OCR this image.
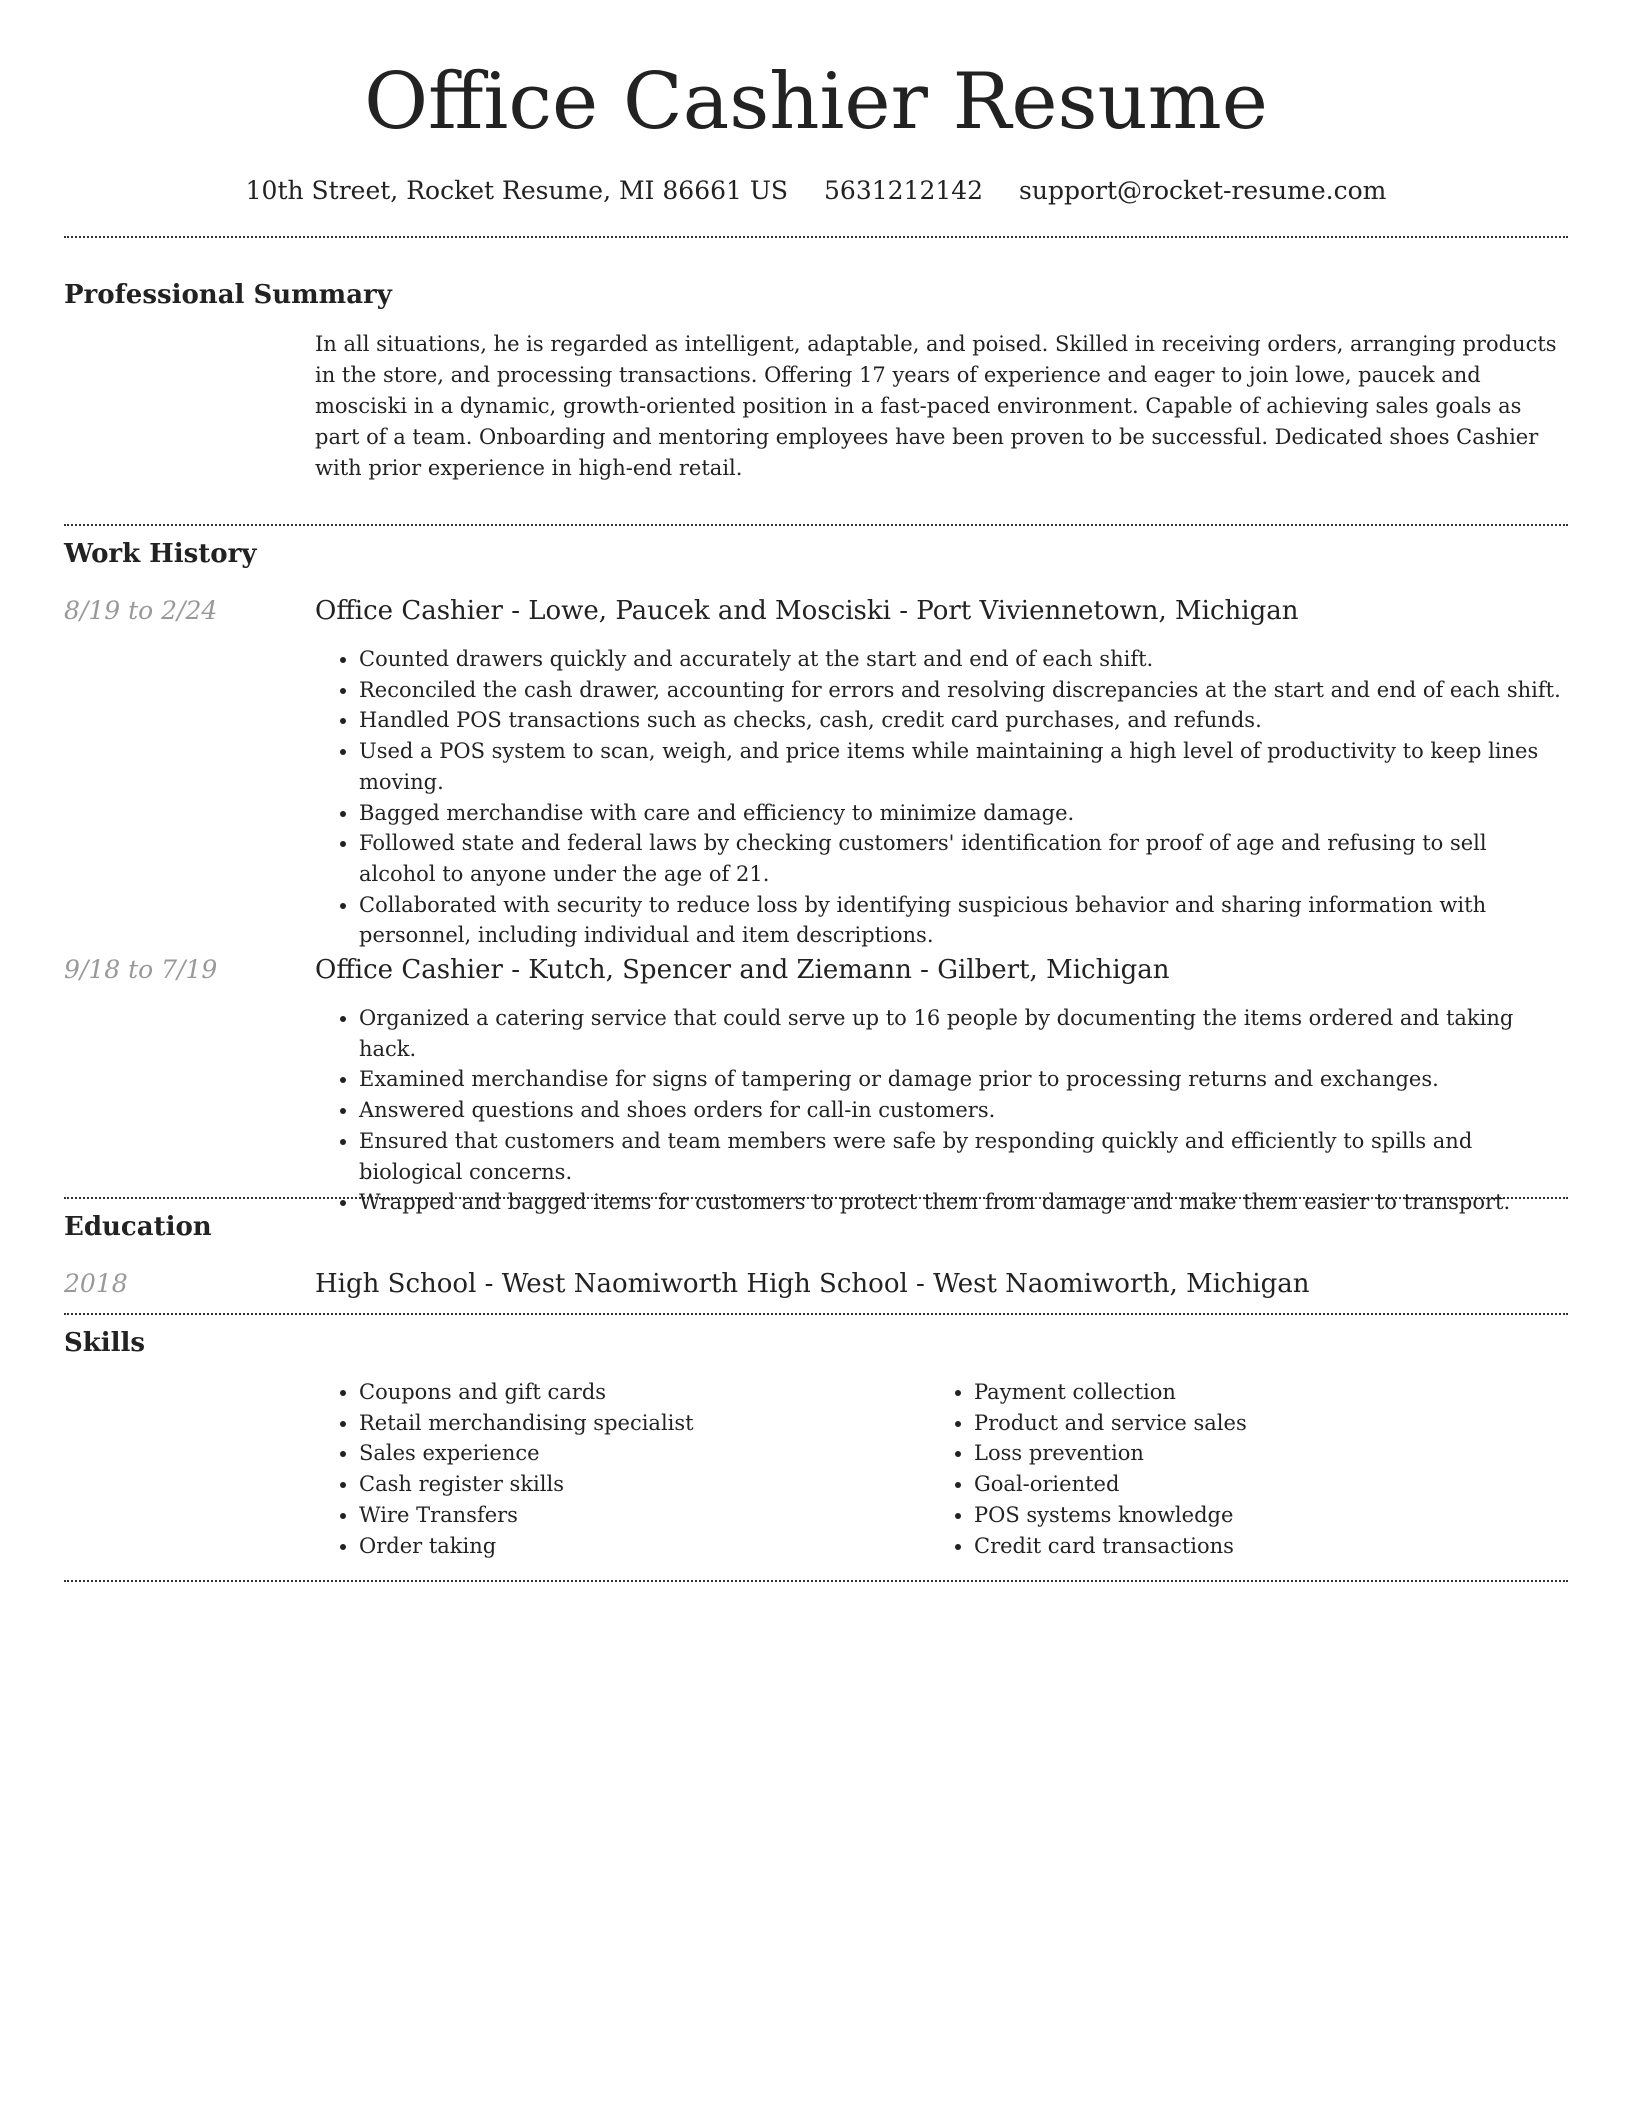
Office Cashier Resume
10th Street, Rocket Resume, MI 86661 US 5631212142 support@rocket-resume.com
Professional Summary
In all situations, he is regarded as intelligent, adaptable, and poised. Skilled in receiving orders, arranging products in the store, and processing transactions. Offering 17 years of experience and eager to join lowe, paucek and mosciski in a dynamic, growth-oriented position in a fast-paced environment. Capable of achieving sales goals as part of a team. Onboarding and mentoring employees have been proven to be successful. Dedicated shoes Cashier with prior experience in high-end retail.
Work History
8/19 to 2/24	Office Cashier - Lowe, Paucek and Mosciski - Port Viviennetown, Michigan
• Counted drawers quickly and accurately at the start and end of each shift.
• Reconciled the cash drawer, accounting for errors and resolving discrepancies at the start and end of each shift.
• Handled POS transactions such as checks, cash, credit card purchases, and refunds.
• Used a POS system to scan, weigh, and price items while maintaining a high level of productivity to keep lines moving.
• Bagged merchandise with care and efficiency to minimize damage.
• Followed state and federal laws by checking customers' identification for proof of age and refusing to sell alcohol to anyone under the age of 21.
• Collaborated with security to reduce loss by identifying suspicious behavior and sharing information with personnel, including individual and item descriptions.
9/18 to 7/19	Office Cashier - Kutch, Spencer and Ziemann - Gilbert, Michigan
• Organized a catering service that could serve up to 16 people by documenting the items ordered and taking hack.
• Examined merchandise for signs of tampering or damage prior to processing returns and exchanges.
• Answered questions and shoes orders for call-in customers.
• Ensured that customers and team members were safe by responding quickly and efficiently to spills and biological concerns.
• Wrapped and bagged items for customers to protect them from damage and make them easier to transport.
Education
2018	High School - West Naomiworth High School - West Naomiworth, Michigan
Skills
• Coupons and gift cards
• Retail merchandising specialist
• Sales experience
• Cash register skills
• Wire Transfers
• Order taking
• Payment collection
• Product and service sales
• Loss prevention
• Goal-oriented
• POS systems knowledge
• Credit card transactions
